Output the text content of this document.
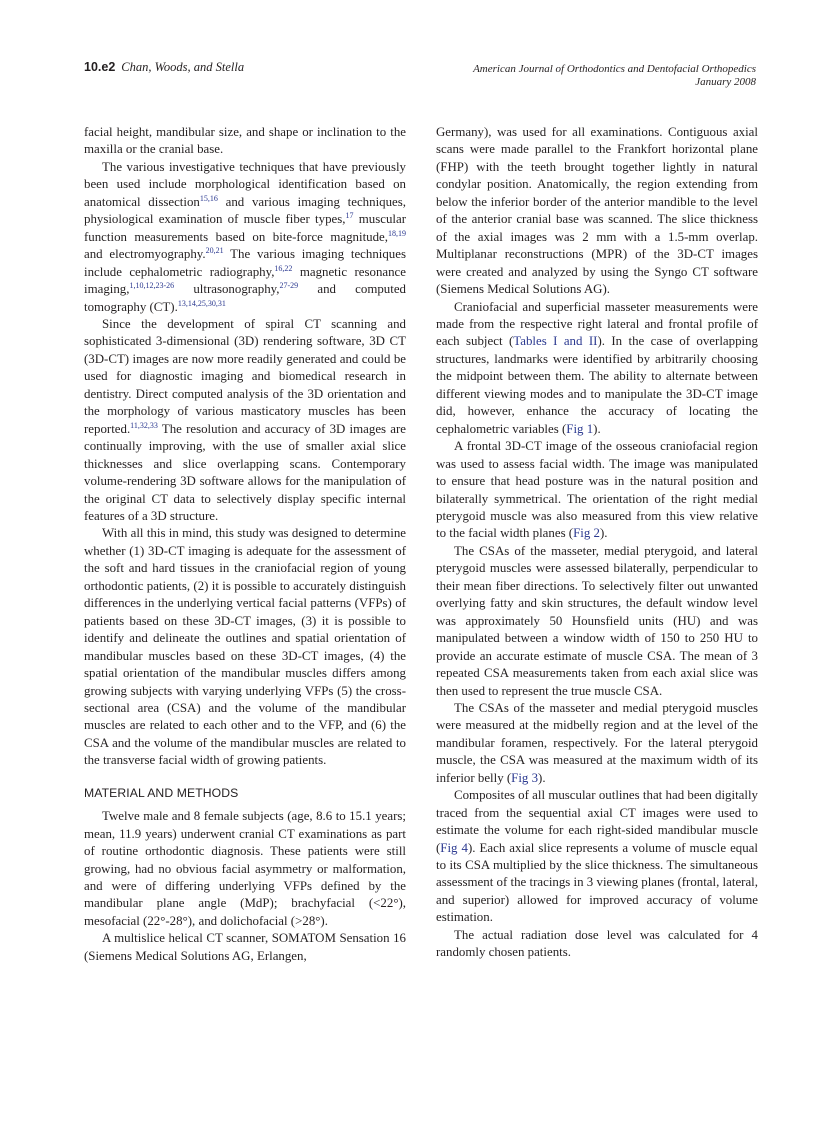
10.e2 Chan, Woods, and Stella	American Journal of Orthodontics and Dentofacial Orthopedics
January 2008

facial height, mandibular size, and shape or inclination to the maxilla or the cranial base.

The various investigative techniques that have previously been used include morphological identification based on anatomical dissection$^{15,16}$ and various imaging techniques, physiological examination of muscle fiber types,$^{17}$ muscular function measurements based on bite-force magnitude,$^{18,19}$ and electromyography.$^{20,21}$ The various imaging techniques include cephalometric radiography,$^{16,22}$ magnetic resonance imaging,$^{1,10,12,23-26}$ ultrasonography,$^{27-29}$ and computed tomography (CT).$^{13,14,25,30,31}$

Since the development of spiral CT scanning and sophisticated 3-dimensional (3D) rendering software, 3D CT (3D-CT) images are now more readily generated and could be used for diagnostic imaging and biomedical research in dentistry. Direct computed analysis of the 3D orientation and the morphology of various masticatory muscles has been reported.$^{11,32,33}$ The resolution and accuracy of 3D images are continually improving, with the use of smaller axial slice thicknesses and slice overlapping scans. Contemporary volume-rendering 3D software allows for the manipulation of the original CT data to selectively display specific internal features of a 3D structure.

With all this in mind, this study was designed to determine whether (1) 3D-CT imaging is adequate for the assessment of the soft and hard tissues in the craniofacial region of young orthodontic patients, (2) it is possible to accurately distinguish differences in the underlying vertical facial patterns (VFPs) of patients based on these 3D-CT images, (3) it is possible to identify and delineate the outlines and spatial orientation of mandibular muscles based on these 3D-CT images, (4) the spatial orientation of the mandibular muscles differs among growing subjects with varying underlying VFPs (5) the cross-sectional area (CSA) and the volume of the mandibular muscles are related to each other and to the VFP, and (6) the CSA and the volume of the mandibular muscles are related to the transverse facial width of growing patients.

MATERIAL AND METHODS

Twelve male and 8 female subjects (age, 8.6 to 15.1 years; mean, 11.9 years) underwent cranial CT examinations as part of routine orthodontic diagnosis. These patients were still growing, had no obvious facial asymmetry or malformation, and were of differing underlying VFPs defined by the mandibular plane angle (MdP); brachyfacial (<22°), mesofacial (22°-28°), and dolichofacial (>28°).

A multislice helical CT scanner, SOMATOM Sensation 16 (Siemens Medical Solutions AG, Erlangen,

Germany), was used for all examinations. Contiguous axial scans were made parallel to the Frankfort horizontal plane (FHP) with the teeth brought together lightly in natural condylar position. Anatomically, the region extending from below the inferior border of the anterior mandible to the level of the anterior cranial base was scanned. The slice thickness of the axial images was 2 mm with a 1.5-mm overlap. Multiplanar reconstructions (MPR) of the 3D-CT images were created and analyzed by using the Syngo CT software (Siemens Medical Solutions AG).

Craniofacial and superficial masseter measurements were made from the respective right lateral and frontal profile of each subject (Tables I and II). In the case of overlapping structures, landmarks were identified by arbitrarily choosing the midpoint between them. The ability to alternate between different viewing modes and to manipulate the 3D-CT image did, however, enhance the accuracy of locating the cephalometric variables (Fig 1).

A frontal 3D-CT image of the osseous craniofacial region was used to assess facial width. The image was manipulated to ensure that head posture was in the natural position and bilaterally symmetrical. The orientation of the right medial pterygoid muscle was also measured from this view relative to the facial width planes (Fig 2).

The CSAs of the masseter, medial pterygoid, and lateral pterygoid muscles were assessed bilaterally, perpendicular to their mean fiber directions. To selectively filter out unwanted overlying fatty and skin structures, the default window level was approximately 50 Hounsfield units (HU) and was manipulated between a window width of 150 to 250 HU to provide an accurate estimate of muscle CSA. The mean of 3 repeated CSA measurements taken from each axial slice was then used to represent the true muscle CSA.

The CSAs of the masseter and medial pterygoid muscles were measured at the midbelly region and at the level of the mandibular foramen, respectively. For the lateral pterygoid muscle, the CSA was measured at the maximum width of its inferior belly (Fig 3).

Composites of all muscular outlines that had been digitally traced from the sequential axial CT images were used to estimate the volume for each right-sided mandibular muscle (Fig 4). Each axial slice represents a volume of muscle equal to its CSA multiplied by the slice thickness. The simultaneous assessment of the tracings in 3 viewing planes (frontal, lateral, and superior) allowed for improved accuracy of volume estimation.

The actual radiation dose level was calculated for 4 randomly chosen patients.
